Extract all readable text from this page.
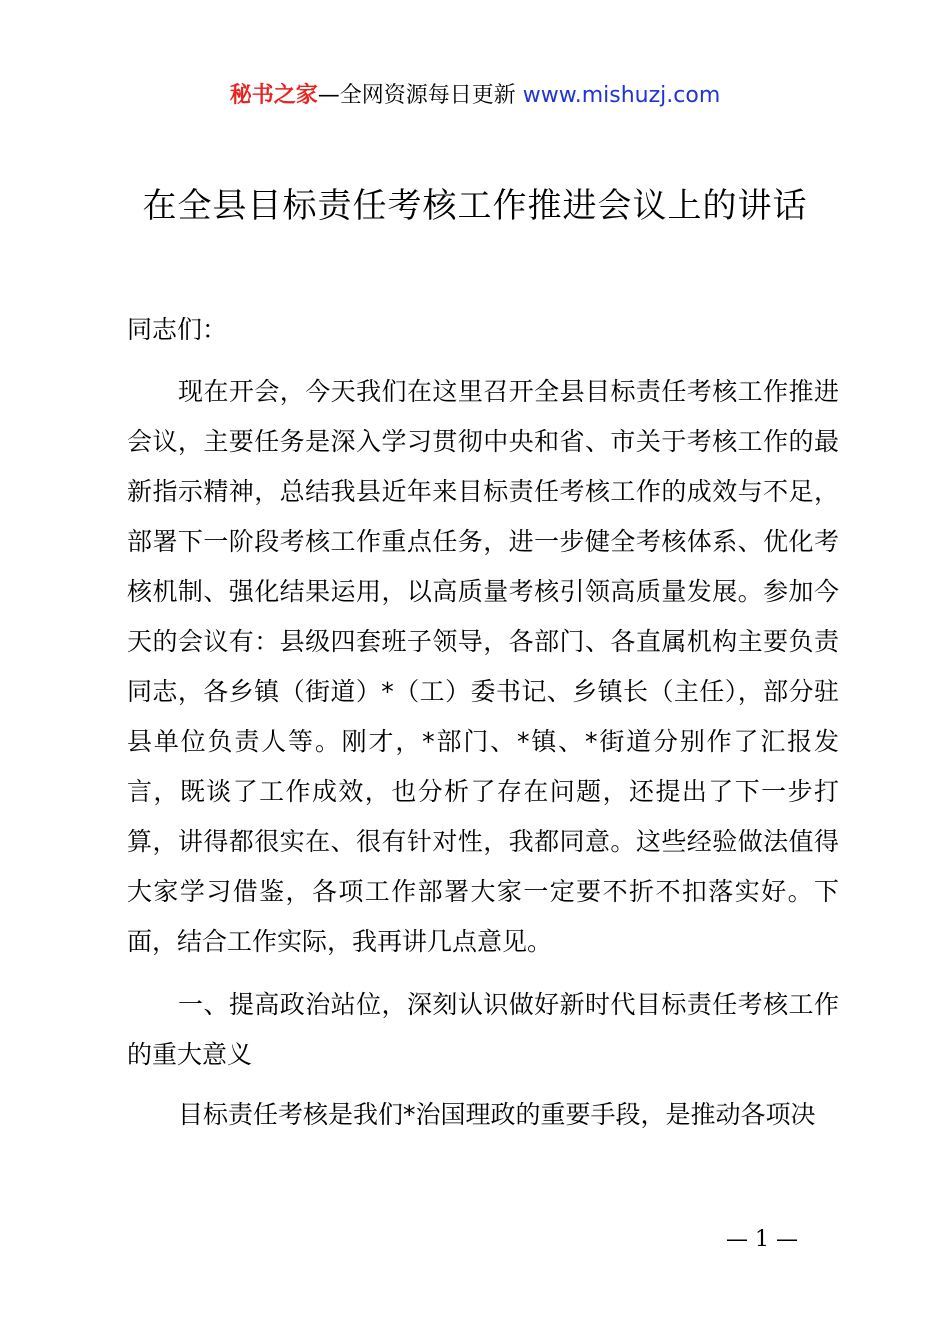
秘书之家—全网资源每日更新 www.mishuzj.com
在全县目标责任考核工作推进会议上的讲话
同志们：
现在开会，今天我们在这里召开全县目标责任考核工作推进会议，主要任务是深入学习贯彻中央和省、市关于考核工作的最新指示精神，总结我县近年来目标责任考核工作的成效与不足，部署下一阶段考核工作重点任务，进一步健全考核体系、优化考核机制、强化结果运用，以高质量考核引领高质量发展。参加今天的会议有：县级四套班子领导，各部门、各直属机构主要负责同志，各乡镇（街道）*（工）委书记、乡镇长（主任），部分驻县单位负责人等。刚才，*部门、*镇、*街道分别作了汇报发言，既谈了工作成效，也分析了存在问题，还提出了下一步打算，讲得都很实在、很有针对性，我都同意。这些经验做法值得大家学习借鉴，各项工作部署大家一定要不折不扣落实好。下面，结合工作实际，我再讲几点意见。
一、提高政治站位，深刻认识做好新时代目标责任考核工作的重大意义
目标责任考核是我们*治国理政的重要手段，是推动各项决
— 1 —
